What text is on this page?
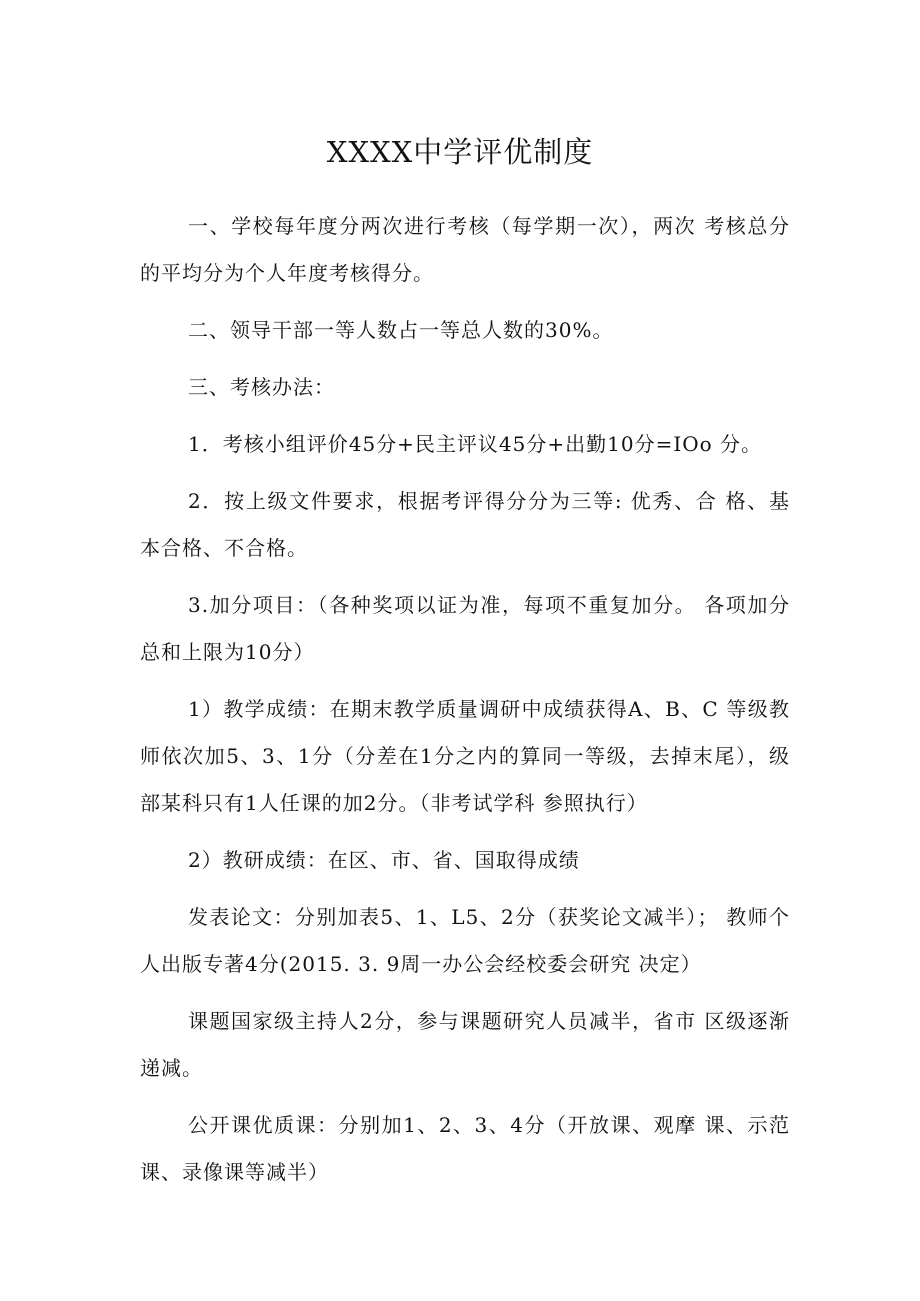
XXXX中学评优制度

一、学校每年度分两次进行考核（每学期一次），两次 考核总分的平均分为个人年度考核得分。

二、领导干部一等人数占一等总人数的30%。

三、考核办法：

1．考核小组评价45分+民主评议45分+出勤10分=IOo 分。

2．按上级文件要求，根据考评得分分为三等: 优秀、合 格、基本合格、不合格。

3.加分项目：（各种奖项以证为准，每项不重复加分。 各项加分总和上限为10分）

1）教学成绩：在期末教学质量调研中成绩获得A、B、C 等级教师依次加5、3、1分（分差在1分之内的算同一等级，去掉末尾），级部某科只有1人任课的加2分。（非考试学科 参照执行）

2）教研成绩：在区、市、省、国取得成绩

发表论文：分别加表5、1、L5、2分（获奖论文减半）； 教师个人出版专著4分(2015. 3. 9周一办公会经校委会研究 决定）

课题国家级主持人2分，参与课题研究人员减半，省市 区级逐渐递减。

公开课优质课：分别加1、2、3、4分（开放课、观摩 课、示范课、录像课等减半）
